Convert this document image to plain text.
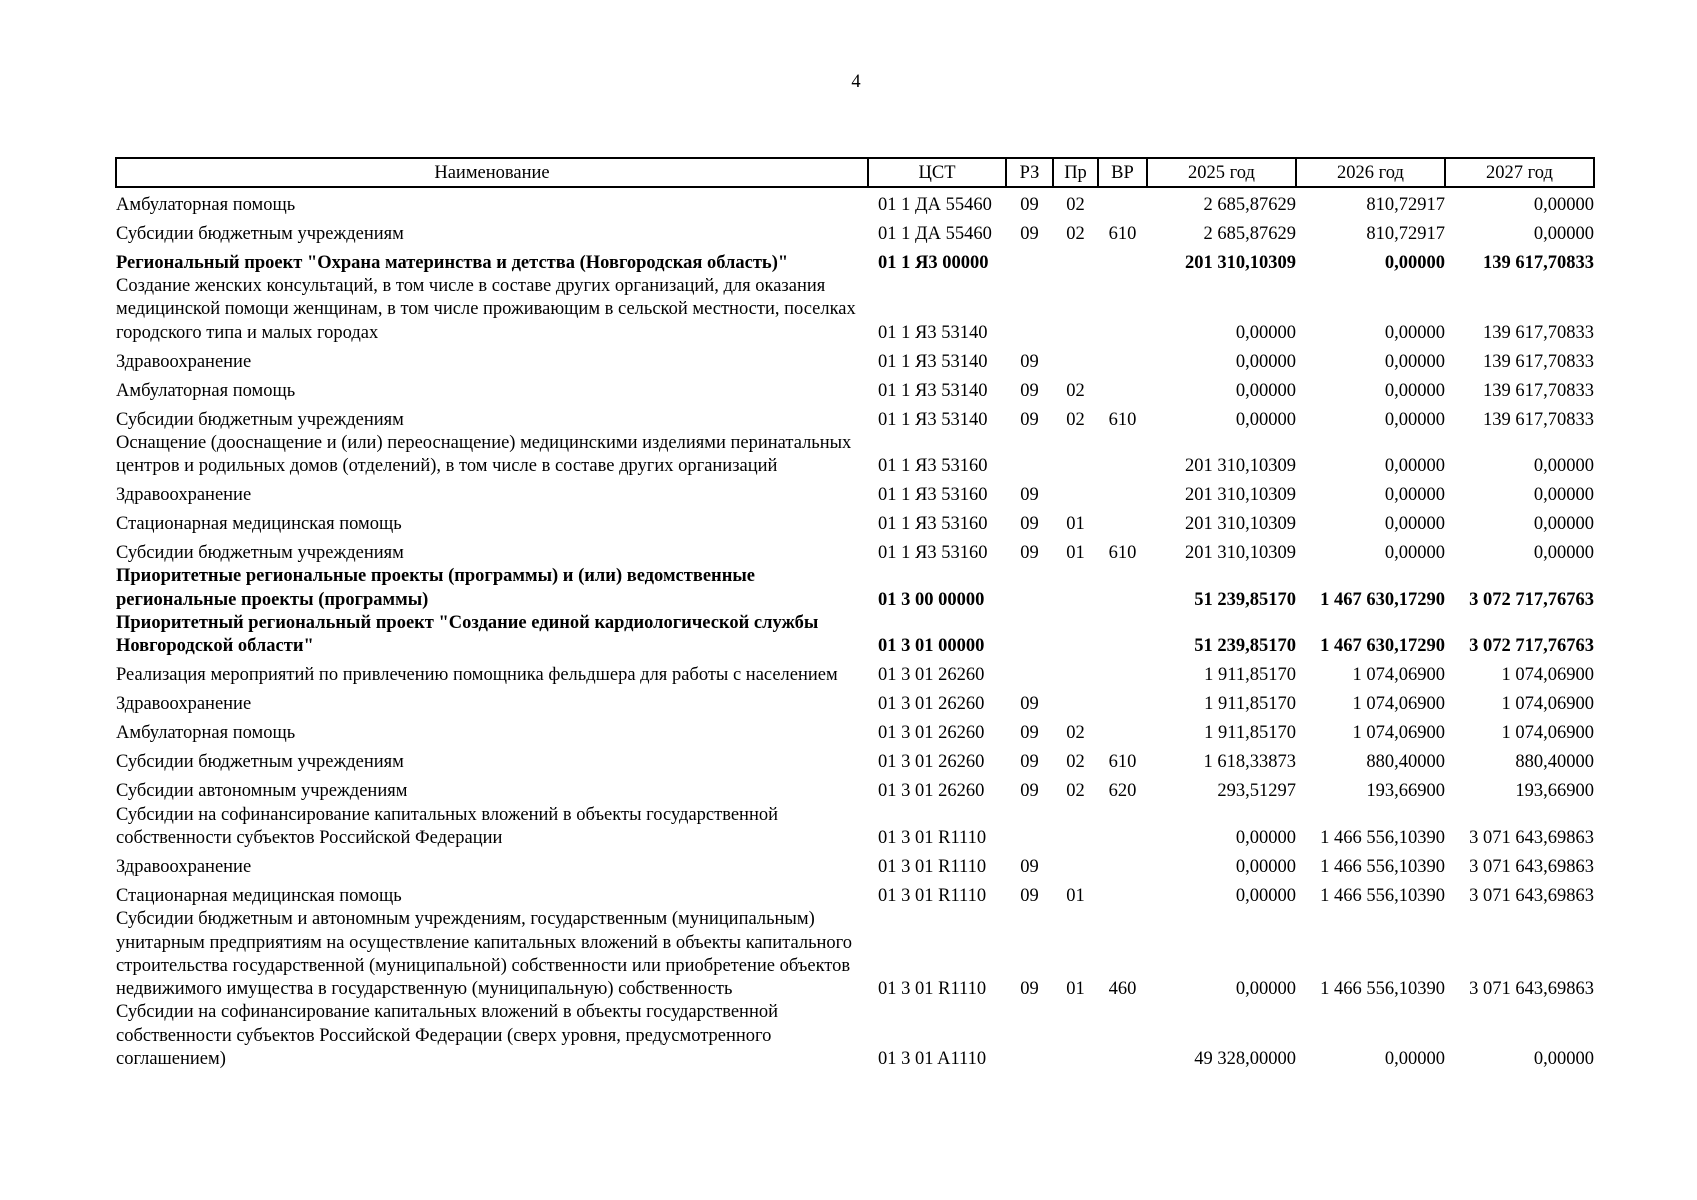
4
Наименование	ЦСТ	РЗ	Пр	ВР	2025 год	2026 год	2027 год
Амбулаторная помощь	01 1 ДА 55460	09	02		2 685,87629	810,72917	0,00000
Субсидии бюджетным учреждениям	01 1 ДА 55460	09	02	610	2 685,87629	810,72917	0,00000
Региональный проект "Охрана материнства и детства (Новгородская область)"	01 1 Я3 00000				201 310,10309	0,00000	139 617,70833
Создание женских консультаций, в том числе в составе других организаций, для оказания медицинской помощи женщинам, в том числе проживающим в сельской местности, поселках городского типа и малых городах	01 1 Я3 53140				0,00000	0,00000	139 617,70833
Здравоохранение	01 1 Я3 53140	09			0,00000	0,00000	139 617,70833
Амбулаторная помощь	01 1 Я3 53140	09	02		0,00000	0,00000	139 617,70833
Субсидии бюджетным учреждениям	01 1 Я3 53140	09	02	610	0,00000	0,00000	139 617,70833
Оснащение (дооснащение и (или) переоснащение) медицинскими изделиями перинатальных центров и родильных домов (отделений), в том числе в составе других организаций	01 1 Я3 53160				201 310,10309	0,00000	0,00000
Здравоохранение	01 1 Я3 53160	09			201 310,10309	0,00000	0,00000
Стационарная медицинская помощь	01 1 Я3 53160	09	01		201 310,10309	0,00000	0,00000
Субсидии бюджетным учреждениям	01 1 Я3 53160	09	01	610	201 310,10309	0,00000	0,00000
Приоритетные региональные проекты (программы) и (или) ведомственные региональные проекты (программы)	01 3 00 00000				51 239,85170	1 467 630,17290	3 072 717,76763
Приоритетный региональный проект "Создание единой кардиологической службы Новгородской области"	01 3 01 00000				51 239,85170	1 467 630,17290	3 072 717,76763
Реализация мероприятий по привлечению помощника фельдшера для работы с населением	01 3 01 26260				1 911,85170	1 074,06900	1 074,06900
Здравоохранение	01 3 01 26260	09			1 911,85170	1 074,06900	1 074,06900
Амбулаторная помощь	01 3 01 26260	09	02		1 911,85170	1 074,06900	1 074,06900
Субсидии бюджетным учреждениям	01 3 01 26260	09	02	610	1 618,33873	880,40000	880,40000
Субсидии автономным учреждениям	01 3 01 26260	09	02	620	293,51297	193,66900	193,66900
Субсидии на софинансирование капитальных вложений в объекты государственной собственности субъектов Российской Федерации	01 3 01 R1110				0,00000	1 466 556,10390	3 071 643,69863
Здравоохранение	01 3 01 R1110	09			0,00000	1 466 556,10390	3 071 643,69863
Стационарная медицинская помощь	01 3 01 R1110	09	01		0,00000	1 466 556,10390	3 071 643,69863
Субсидии бюджетным и автономным учреждениям, государственным (муниципальным) унитарным предприятиям на осуществление капитальных вложений в объекты капитального строительства государственной (муниципальной) собственности или приобретение объектов недвижимого имущества в государственную (муниципальную) собственность	01 3 01 R1110	09	01	460	0,00000	1 466 556,10390	3 071 643,69863
Субсидии на софинансирование капитальных вложений в объекты государственной собственности субъектов Российской Федерации (сверх уровня, предусмотренного соглашением)	01 3 01 A1110				49 328,00000	0,00000	0,00000
